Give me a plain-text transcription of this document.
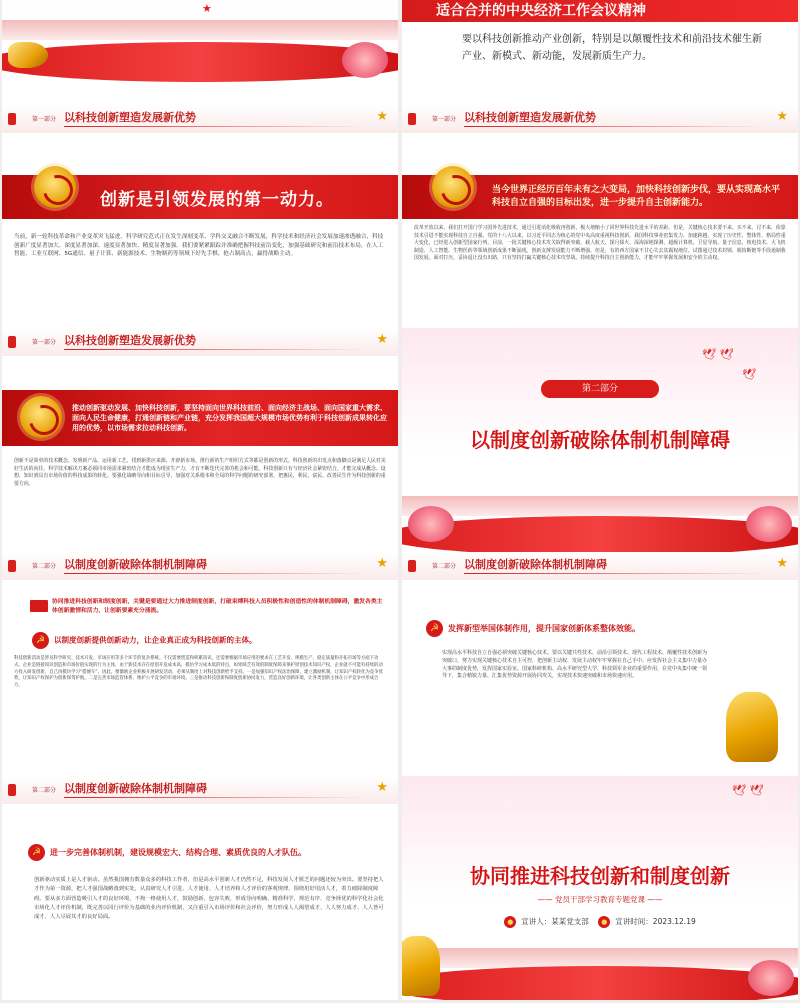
★	适合合并的中央经济工作会议精神
要以科技创新推动产业创新，特别是以颠覆性技术和前沿技术催生新产业、新模式、新动能，发展新质生产力。
第一部分 以科技创新塑造发展新优势	★
创新是引领发展的第一动力。
当前，新一轮科技革命和产业变革突飞猛进，科学研究范式正在发生深刻变革，学科交叉融合不断发展，科学技术和经济社会发展加速渗透融合，科技创新广度显著加大、深度显著加深、速度显著加快、精度显著加强。我们要紧紧跟踪并准确把握科技前沿变化，加强基础研究和前沿技术布局，在人工智能、工业互联网、5G通信、量子计算、新能源技术、生物制药等领域下好先手棋、抢占制高点，赢得战略主动。
第一部分 以科技创新塑造发展新优势	★
当今世界正经历百年未有之大变局，加快科技创新步伐，要从实现高水平科技自立自强的目标出发，进一步提升自主创新能力。
改革开放以来，我们打开国门学习国外先进技术，通过引进消化吸收再创新，极大地缩小了同世界科技先进水平的差距。但是，关键核心技术要不来、买不来、讨不来，依靠技术引进不能实现科技自立自强。党的十八大以来，以习近平同志为核心的党中央高度重视科技创新，我国科技事业密集发力、加速跨越，实现了历史性、整体性、格局性重大变化，已经进入创新型国家行列。目前，一批关键核心技术攻关取得新突破，载人航天、探月探火、深海深地探测、超级计算机、卫星导航、量子信息、核电技术、大飞机制造、人工智能、生物医药等领域创新成果不断涌现。创新支撑发展能力不断增强。但是，有的西方国家不甘心失去其霸权地位，试图通过技术封锁、脱钩断链等手段遏制我国发展。面对打压，妥协退让没有出路，只有坚持打赢关键核心技术攻坚战，持续提升科技自主创新能力，才能牢牢掌握发展和安全的主动权。
第一部分 以科技创新塑造发展新优势	★
推动创新驱动发展、加快科技创新，要坚持面向世界科技前沿、面向经济主战场、面向国家重大需求、面向人民生命健康，打通创新链和产业链，充分发挥我国超大规模市场优势有利于科技创新成果转化应用的优势，以市场需求拉动科技创新。
创新不是简单的技术概念，发明新产品、运用新工艺、找到新供应来源、开辟新市场、推行新的生产组织方式等都是创新的形式。科技创新的出发点和落脚点是满足人民对美好生活的向往，科学技术解决方案必须同市场需求紧密结合才能成为现实生产力，才有不断迭代完善的机会和可能。科技创新只有与经济社会紧密结合，才能完成从概念、设想、知识到具有市场价值的科技成果的转化。要强化战略导向和目标引导，加强对关系根本和全局的科学问题的研究部署，把惠民、利民、富民、改善民生作为科技创新的重要方向。
🕊 🕊
🕊
第二部分
以制度创新破除体制机制障碍
第二部分 以制度创新破除体制机制障碍	★
协同推进科技创新和制度创新，关键是要通过大力推进制度创新，打破束缚科技人员积极性和创造性的体制机制障碍，激发各类主体创新激情和活力，让创新要素充分涌流。
☭ 以制度创新提供创新动力，让企业真正成为科技创新的主体。
科技创新活动是涉及科学研究、技术开发、市场应用等多个环节的复杂系统。不仅需要创造和积累知识，还需要根据市场应用的要求在工艺开发、规模生产、稳定质量和开拓市场等方面下功夫。企业是链接知识创造和市场价值实现的行为主体，由于新技术存在原创开发成本高、模仿学习成本低的特点，如果缺乏有效的制度保障来保护原创技术知识产权，企业就不可能有持续的动力投入研发创新，自己再模仿学习“搭便车”。因此，要激励企业积极开展研发活动，必须从制度上对科技创新给予支持。一是加强知识产权法治保障，建立激励机制，让知识产权转化为竞争优势，让知识产权保护为创新保驾护航。二是完善市场监管体系，维护公平竞争的市场环境。三是推动科技创新和制度创新协同发力，营造良好创新环境，让各类创新主体在公平竞争中形成合力。
第二部分 以制度创新破除体制机制障碍	★
☭ 发挥新型举国体制作用，提升国家创新体系整体效能。
实现高水平科技自立自强必须突破关键核心技术。要以关键共性技术、前沿引领技术、现代工程技术、颠覆性技术创新为突破口，努力实现关键核心技术自主可控，把创新主动权、发展主动权牢牢掌握在自己手中。应发挥社会主义集中力量办大事的制度优势，发挥国家实验室、国家科研机构、高水平研究型大学、科技领军企业的重要作用，在党中央集中统一领导下，集合精锐力量、汇集优势资源开展协同攻关，实现技术快速突破和市场快速应用。
第二部分 以制度创新破除体制机制障碍	★
☭ 进一步完善体制机制，建设规模宏大、结构合理、素质优良的人才队伍。
创新驱动实质上是人才驱动。虽然我国拥有数量众多的科技工作者，但是高水平创新人才仍然不足，科技发展人才匮乏的问题还较为突出。要坚持把人才作为第一资源，把人才强国战略落到实处，认真研究人才引进、人才使用、人才培养和人才评价的客观规律，围绕用好用活人才，着力破除制度障碍。要从多方面营造吸引人才的良好环境，不拘一格使用人才，鼓励创新、包容失败，形成导向明确、精准科学、规范有序、竞争择优的科学化社会化市场化人才评价机制，既完善以同行评价为基础的业内评价机制，又注重引入市场评价和社会评价，努力形成人人渴望成才、人人努力成才、人人皆可成才、人人尽展其才的良好局面。
🕊 🕊
协同推进科技创新和制度创新
—— 党员干部学习教育专题党课 ——
● 宣讲人：某某党支部 ● 宣讲时间：2023.12.19
